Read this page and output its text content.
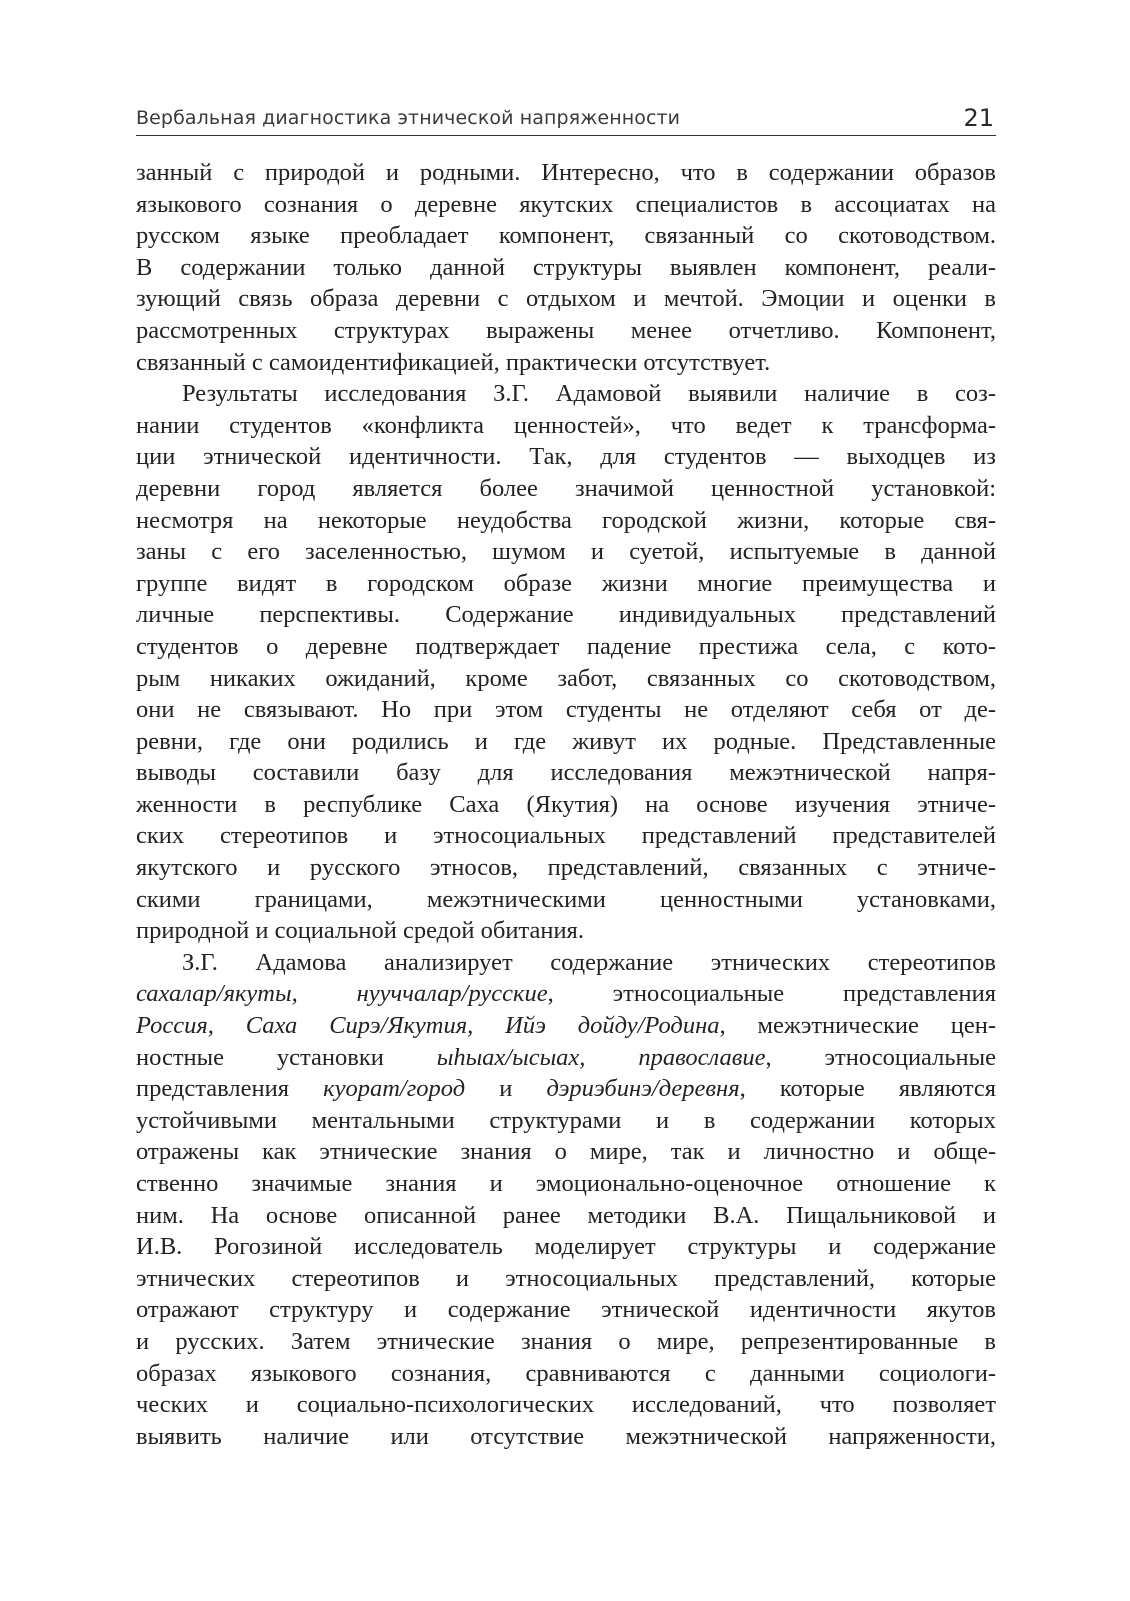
Вербальная диагностика этнической напряженности	21
занный с природой и родными. Интересно, что в содержании образов
языкового сознания о деревне якутских специалистов в ассоциатах на
русском языке преобладает компонент, связанный со скотоводством.
В содержании только данной структуры выявлен компонент, реали-
зующий связь образа деревни с отдыхом и мечтой. Эмоции и оценки в
рассмотренных структурах выражены менее отчетливо. Компонент,
связанный с самоидентификацией, практически отсутствует.
Результаты исследования З.Г. Адамовой выявили наличие в соз-
нании студентов «конфликта ценностей», что ведет к трансформа-
ции этнической идентичности. Так, для студентов — выходцев из
деревни город является более значимой ценностной установкой:
несмотря на некоторые неудобства городской жизни, которые свя-
заны с его заселенностью, шумом и суетой, испытуемые в данной
группе видят в городском образе жизни многие преимущества и
личные перспективы. Содержание индивидуальных представлений
студентов о деревне подтверждает падение престижа села, с кото-
рым никаких ожиданий, кроме забот, связанных со скотоводством,
они не связывают. Но при этом студенты не отделяют себя от де-
ревни, где они родились и где живут их родные. Представленные
выводы составили базу для исследования межэтнической напря-
женности в республике Саха (Якутия) на основе изучения этниче-
ских стереотипов и этносоциальных представлений представителей
якутского и русского этносов, представлений, связанных с этниче-
скими границами, межэтническими ценностными установками,
природной и социальной средой обитания.
З.Г. Адамова анализирует содержание этнических стереотипов
сахалар/якуты, нууччалар/русские, этносоциальные представления
Россия, Саха Сирэ/Якутия, Ийэ дойду/Родина, межэтнические цен-
ностные установки ыhыах/ысыах, православие, этносоциальные
представления куорат/город и дэриэбинэ/деревня, которые являются
устойчивыми ментальными структурами и в содержании которых
отражены как этнические знания о мире, так и личностно и обще-
ственно значимые знания и эмоционально-оценочное отношение к
ним. На основе описанной ранее методики В.А. Пищальниковой и
И.В. Рогозиной исследователь моделирует структуры и содержание
этнических стереотипов и этносоциальных представлений, которые
отражают структуру и содержание этнической идентичности якутов
и русских. Затем этнические знания о мире, репрезентированные в
образах языкового сознания, сравниваются с данными социологи-
ческих и социально-психологических исследований, что позволяет
выявить наличие или отсутствие межэтнической напряженности,
